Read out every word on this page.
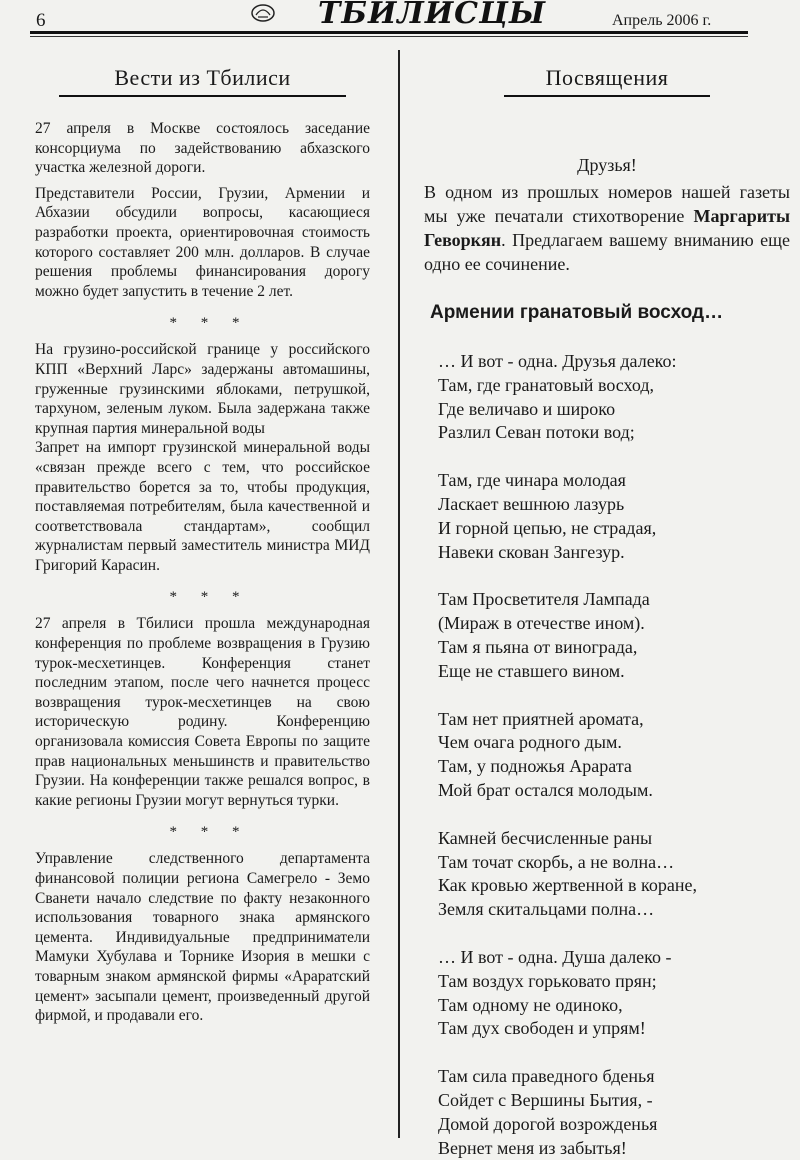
6	ТБИЛИСЦЫ	Апрель 2006 г.
Вести из Тбилиси

27 апреля в Москве состоялось заседание консорциума по задействованию абхазского участка железной дороги.

Представители России, Грузии, Армении и Абхазии обсудили вопросы, касающиеся разработки проекта, ориентировочная стоимость которого составляет 200 млн. долларов. В случае решения проблемы финансирования дорогу можно будет запустить в течение 2 лет.

* * *

На грузино-российской границе у российского КПП «Верхний Ларс» задержаны автомашины, груженные грузинскими яблоками, петрушкой, тархуном, зеленым луком. Была задержана также крупная партия минеральной воды

Запрет на импорт грузинской минеральной воды «связан прежде всего с тем, что российское правительство борется за то, чтобы продукция, поставляемая потребителям, была качественной и соответствовала стандартам», сообщил журналистам первый заместитель министра МИД Григорий Карасин.

* * *

27 апреля в Тбилиси прошла международная конференция по проблеме возвращения в Грузию турок-месхетинцев. Конференция станет последним этапом, после чего начнется процесс возвращения турок-месхетинцев на свою историческую родину. Конференцию организовала комиссия Совета Европы по защите прав национальных меньшинств и правительство Грузии. На конференции также решался вопрос, в какие регионы Грузии могут вернуться турки.

* * *

Управление следственного департамента финансовой полиции региона Самегрело - Земо Сванети начало следствие по факту незаконного использования товарного знака армянского цемента. Индивидуальные предприниматели Мамуки Хубулава и Торнике Изория в мешки с товарным знаком армянской фирмы «Араратский цемент» засыпали цемент, произведенный другой фирмой, и продавали его.

Посвящения
Друзья!
В одном из прошлых номеров нашей газеты мы уже печатали стихотворение Маргариты Геворкян. Предлагаем вашему вниманию еще одно ее сочинение.
Армении гранатовый восход…
… И вот - одна. Друзья далеко:
Там, где гранатовый восход,
Где величаво и широко
Разлил Севан потоки вод;
Там, где чинара молодая
Ласкает вешнюю лазурь
И горной цепью, не страдая,
Навеки скован Зангезур.
Там Просветителя Лампада
(Мираж в отечестве ином).
Там я пьяна от винограда,
Еще не ставшего вином.
Там нет приятней аромата,
Чем очага родного дым.
Там, у подножья Арарата
Мой брат остался молодым.
Камней бесчисленные раны
Там точат скорбь, а не волна…
Как кровью жертвенной в коране,
Земля скитальцами полна…
… И вот - одна. Душа далеко -
Там воздух горьковато прян;
Там одному не одиноко,
Там дух свободен и упрям!
Там сила праведного бденья
Сойдет с Вершины Бытия, -
Домой дорогой возрожденья
Вернет меня из забытья!
